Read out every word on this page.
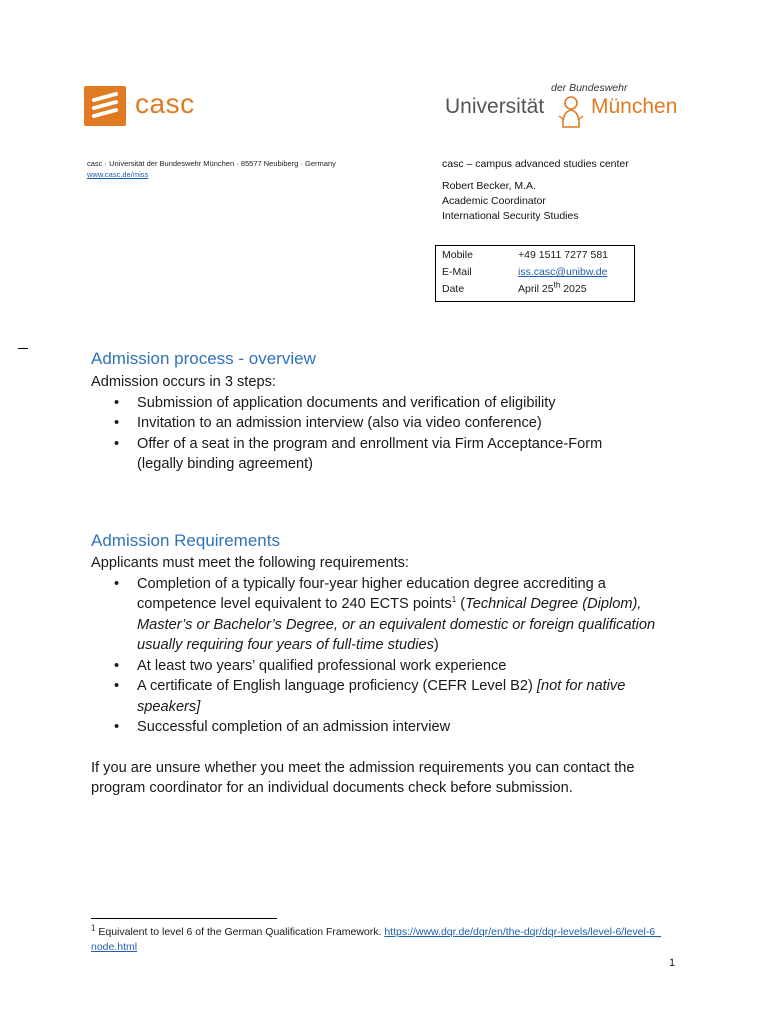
casc	der Bundeswehr
Universität München
casc · Universität der Bundeswehr München · 85577 Neubiberg · Germany
www.casc.de/miss
casc – campus advanced studies center
Robert Becker, M.A.
Academic Coordinator
International Security Studies
Mobile	+49 1511 7277 581
E-Mail	iss.casc@unibw.de
Date	April 25th 2025
Admission process - overview
Admission occurs in 3 steps:
• Submission of application documents and verification of eligibility
• Invitation to an admission interview (also via video conference)
• Offer of a seat in the program and enrollment via Firm Acceptance-Form (legally binding agreement)
Admission Requirements
Applicants must meet the following requirements:
• Completion of a typically four-year higher education degree accrediting a competence level equivalent to 240 ECTS points$^1$ (Technical Degree (Diplom), Master’s or Bachelor’s Degree, or an equivalent domestic or foreign qualification usually requiring four years of full-time studies)
• At least two years’ qualified professional work experience
• A certificate of English language proficiency (CEFR Level B2) [not for native speakers]
• Successful completion of an admission interview
If you are unsure whether you meet the admission requirements you can contact the program coordinator for an individual documents check before submission.
$^1$ Equivalent to level 6 of the German Qualification Framework. https://www.dqr.de/dqr/en/the-dqr/dqr-levels/level-6/level-6_node.html
1
